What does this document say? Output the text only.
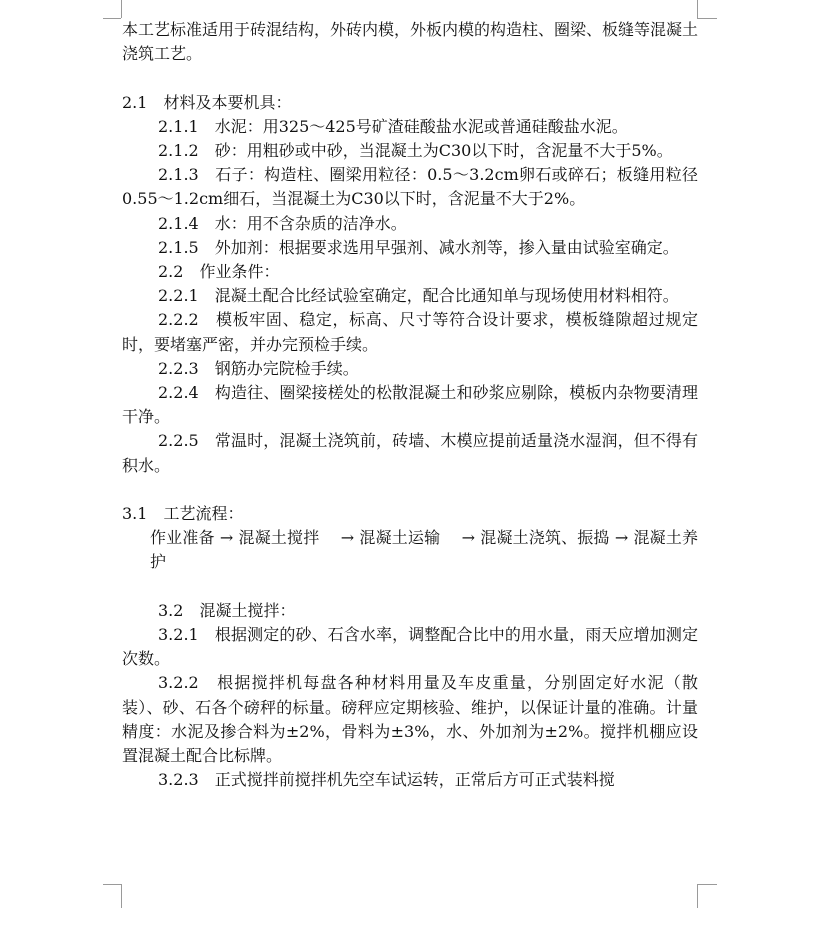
本工艺标准适用于砖混结构，外砖内模，外板内模的构造柱、圈梁、板缝等混凝土浇筑工艺。
2.1　材料及本要机具：
2.1.1　水泥：用325～425号矿渣硅酸盐水泥或普通硅酸盐水泥。
2.1.2　砂：用粗砂或中砂，当混凝土为C30以下时，含泥量不大于5%。
2.1.3　石子：构造柱、圈梁用粒径：0.5～3.2cm卵石或碎石；板缝用粒径0.55～1.2cm细石，当混凝土为C30以下时，含泥量不大于2%。
2.1.4　水：用不含杂质的洁净水。
2.1.5　外加剂：根据要求选用早强剂、减水剂等，掺入量由试验室确定。
2.2　作业条件：
2.2.1　混凝土配合比经试验室确定，配合比通知单与现场使用材料相符。
2.2.2　模板牢固、稳定，标高、尺寸等符合设计要求，模板缝隙超过规定时，要堵塞严密，并办完预检手续。
2.2.3　钢筋办完院检手续。
2.2.4　构造往、圈梁接槎处的松散混凝土和砂浆应剔除，模板内杂物要清理干净。
2.2.5　常温时，混凝土浇筑前，砖墙、木模应提前适量浇水湿润，但不得有积水。
3.1　工艺流程：
作业准备 → 混凝土搅拌 　→ 混凝土运输　 → 混凝土浇筑、振捣 → 混凝土养护
3.2　混凝土搅拌：
3.2.1　根据测定的砂、石含水率，调整配合比中的用水量，雨天应增加测定次数。
3.2.2　根据搅拌机每盘各种材料用量及车皮重量，分别固定好水泥（散装）、砂、石各个磅秤的标量。磅秤应定期核验、维护，以保证计量的准确。计量精度：水泥及掺合料为±2%，骨料为±3%，水、外加剂为±2%。搅拌机棚应设置混凝土配合比标牌。
3.2.3　正式搅拌前搅拌机先空车试运转，正常后方可正式装料搅
